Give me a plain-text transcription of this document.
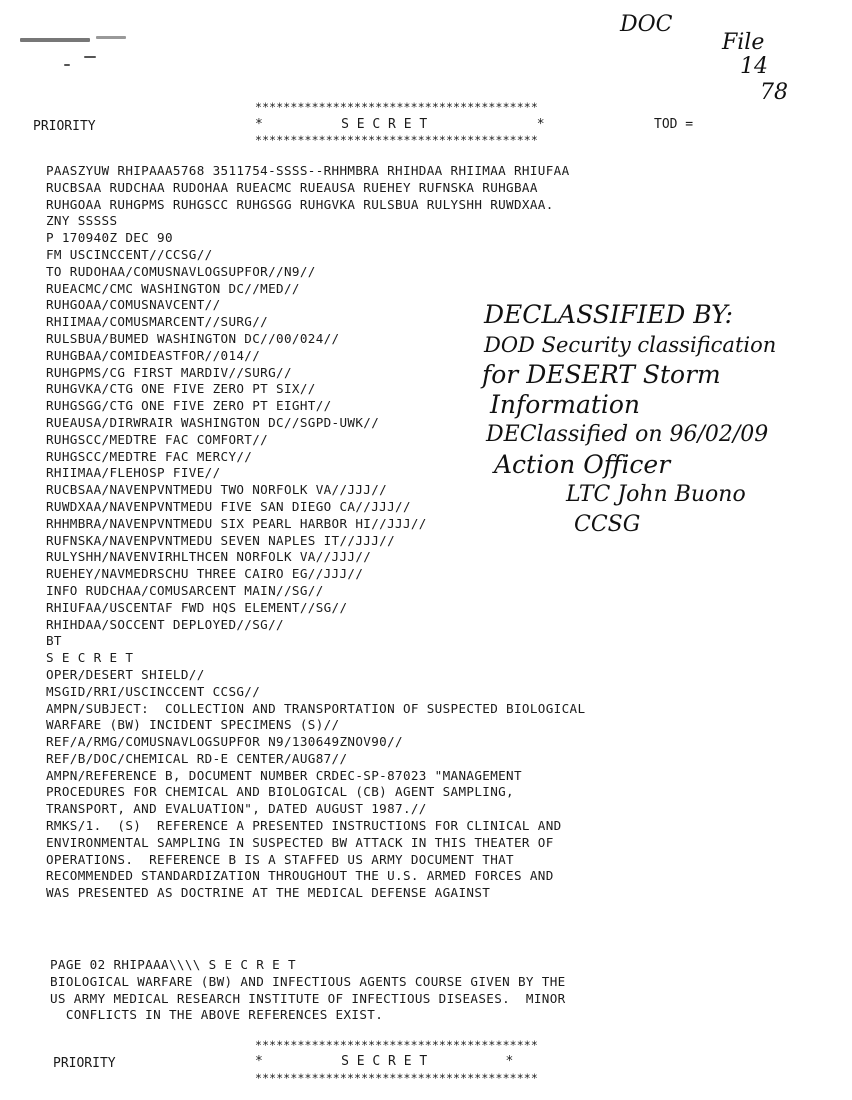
DOC
File
14
78
****************************************
PRIORITY	*          S E C R E T              *	TOD =
****************************************
PAASZYUW RHIPAAA5768 3511754-SSSS--RHHMBRA RHIHDAA RHIIMAA RHIUFAA
RUCBSAA RUDCHAA RUDOHAA RUEACMC RUEAUSA RUEHEY RUFNSKA RUHGBAA
RUHGOAA RUHGPMS RUHGSCC RUHGSGG RUHGVKA RULSBUA RULYSHH RUWDXAA.
ZNY SSSSS
P 170940Z DEC 90
FM USCINCCENT//CCSG//
TO RUDOHAA/COMUSNAVLOGSUPFOR//N9//
RUEACMC/CMC WASHINGTON DC//MED//
RUHGOAA/COMUSNAVCENT//
RHIIMAA/COMUSMARCENT//SURG//
RULSBUA/BUMED WASHINGTON DC//00/024//
RUHGBAA/COMIDEASTFOR//014//
RUHGPMS/CG FIRST MARDIV//SURG//
RUHGVKA/CTG ONE FIVE ZERO PT SIX//
RUHGSGG/CTG ONE FIVE ZERO PT EIGHT//
RUEAUSA/DIRWRAIR WASHINGTON DC//SGPD-UWK//
RUHGSCC/MEDTRE FAC COMFORT//
RUHGSCC/MEDTRE FAC MERCY//
RHIIMAA/FLEHOSP FIVE//
RUCBSAA/NAVENPVNTMEDU TWO NORFOLK VA//JJJ//
RUWDXAA/NAVENPVNTMEDU FIVE SAN DIEGO CA//JJJ//
RHHMBRA/NAVENPVNTMEDU SIX PEARL HARBOR HI//JJJ//
RUFNSKA/NAVENPVNTMEDU SEVEN NAPLES IT//JJJ//
RULYSHH/NAVENVIRHLTHCEN NORFOLK VA//JJJ//
RUEHEY/NAVMEDRSCHU THREE CAIRO EG//JJJ//
INFO RUDCHAA/COMUSARCENT MAIN//SG//
RHIUFAA/USCENTAF FWD HQS ELEMENT//SG//
RHIHDAA/SOCCENT DEPLOYED//SG//
BT
S E C R E T
OPER/DESERT SHIELD//
MSGID/RRI/USCINCCENT CCSG//
AMPN/SUBJECT:  COLLECTION AND TRANSPORTATION OF SUSPECTED BIOLOGICAL
WARFARE (BW) INCIDENT SPECIMENS (S)//
REF/A/RMG/COMUSNAVLOGSUPFOR N9/130649ZNOV90//
REF/B/DOC/CHEMICAL RD-E CENTER/AUG87//
AMPN/REFERENCE B, DOCUMENT NUMBER CRDEC-SP-87023 "MANAGEMENT
PROCEDURES FOR CHEMICAL AND BIOLOGICAL (CB) AGENT SAMPLING,
TRANSPORT, AND EVALUATION", DATED AUGUST 1987.//
RMKS/1.  (S)  REFERENCE A PRESENTED INSTRUCTIONS FOR CLINICAL AND
ENVIRONMENTAL SAMPLING IN SUSPECTED BW ATTACK IN THIS THEATER OF
OPERATIONS.  REFERENCE B IS A STAFFED US ARMY DOCUMENT THAT
RECOMMENDED STANDARDIZATION THROUGHOUT THE U.S. ARMED FORCES AND
WAS PRESENTED AS DOCTRINE AT THE MEDICAL DEFENSE AGAINST
PAGE 02 RHIPAAA\\\\ S E C R E T
BIOLOGICAL WARFARE (BW) AND INFECTIOUS AGENTS COURSE GIVEN BY THE
US ARMY MEDICAL RESEARCH INSTITUTE OF INFECTIOUS DISEASES.  MINOR
CONFLICTS IN THE ABOVE REFERENCES EXIST.
****************************************
PRIORITY	*          S E C R E T          *
****************************************
DECLASSIFIED BY:
DOD Security classification
for DESERT Storm
Information
DEClassified on 96/02/09
Action Officer
LTC John Buono
CCSG
